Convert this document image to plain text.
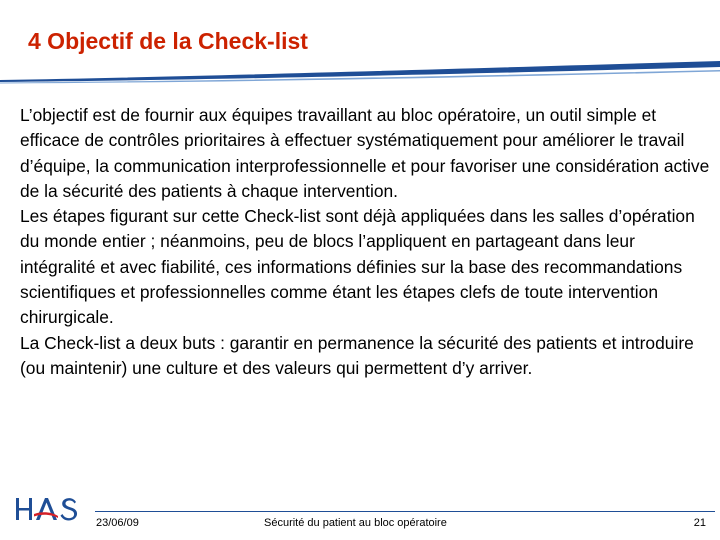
4 Objectif de la Check-list

L’objectif est de fournir aux équipes travaillant au bloc opératoire, un outil simple et efficace de contrôles prioritaires à effectuer systématiquement pour améliorer le travail d’équipe, la communication interprofessionnelle et pour favoriser une considération active de la sécurité des patients à chaque intervention.

Les étapes figurant sur cette Check-list sont déjà appliquées dans les salles d’opération du monde entier ; néanmoins, peu de blocs l’appliquent en partageant dans leur intégralité et avec fiabilité, ces informations définies sur la base des recommandations scientifiques et professionnelles comme étant les étapes clefs de toute intervention chirurgicale.

La Check-list a deux buts : garantir en permanence la sécurité des patients et introduire (ou maintenir) une culture et des valeurs qui permettent d’y arriver.

23/06/09	Sécurité du patient au bloc opératoire	21
